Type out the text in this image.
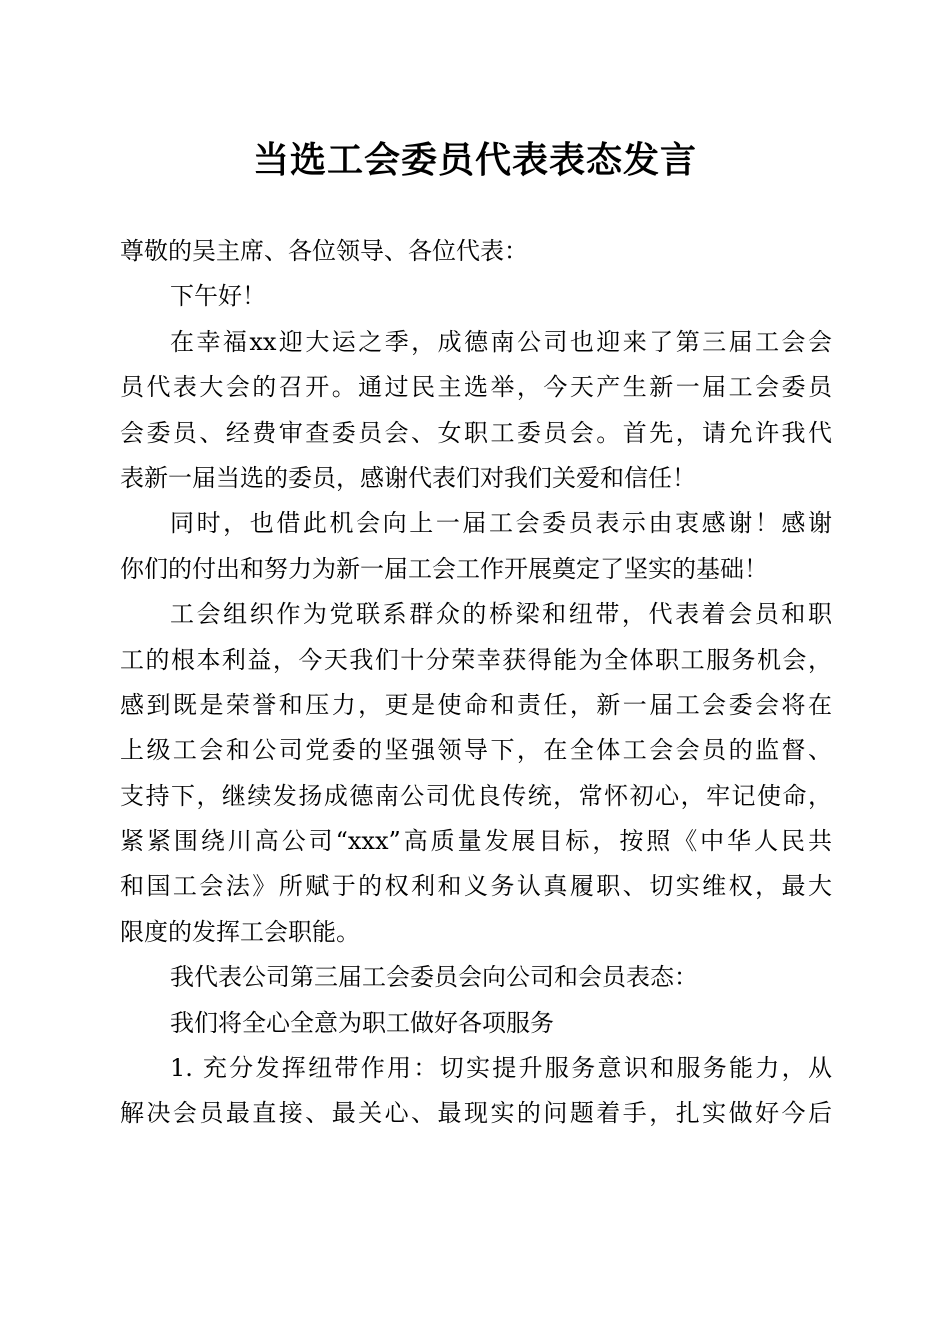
当选工会委员代表表态发言
尊敬的吴主席、各位领导、各位代表：
下午好！
在幸福xx迎大运之季，成德南公司也迎来了第三届工会会
员代表大会的召开。通过民主选举，今天产生新一届工会委员
会委员、经费审查委员会、女职工委员会。首先，请允许我代
表新一届当选的委员，感谢代表们对我们关爱和信任！
同时，也借此机会向上一届工会委员表示由衷感谢！感谢
你们的付出和努力为新一届工会工作开展奠定了坚实的基础！
工会组织作为党联系群众的桥梁和纽带，代表着会员和职
工的根本利益，今天我们十分荣幸获得能为全体职工服务机会，
感到既是荣誉和压力，更是使命和责任，新一届工会委会将在
上级工会和公司党委的坚强领导下，在全体工会会员的监督、
支持下，继续发扬成德南公司优良传统，常怀初心，牢记使命，
紧紧围绕川高公司“xxx”高质量发展目标，按照《中华人民共
和国工会法》所赋于的权利和义务认真履职、切实维权，最大
限度的发挥工会职能。
我代表公司第三届工会委员会向公司和会员表态：
我们将全心全意为职工做好各项服务
1. 充分发挥纽带作用：切实提升服务意识和服务能力，从
解决会员最直接、最关心、最现实的问题着手，扎实做好今后
